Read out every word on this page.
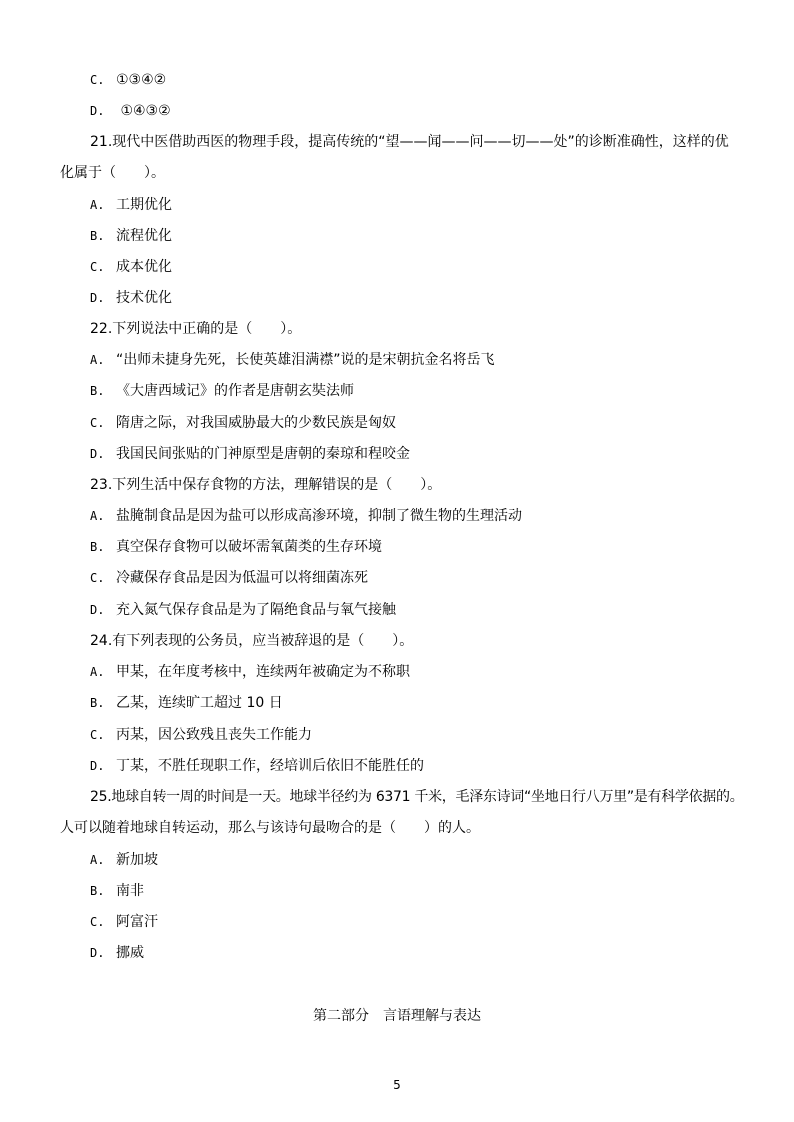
C. ①③④②
D. ①④③②
21.现代中医借助西医的物理手段，提高传统的“望——闻——问——切——处”的诊断准确性，这样的优
化属于（　　）。
A. 工期优化
B. 流程优化
C. 成本优化
D. 技术优化
22.下列说法中正确的是（　　）。
A. “出师未捷身先死，长使英雄泪满襟”说的是宋朝抗金名将岳飞
B. 《大唐西域记》的作者是唐朝玄奘法师
C. 隋唐之际，对我国威胁最大的少数民族是匈奴
D. 我国民间张贴的门神原型是唐朝的秦琼和程咬金
23.下列生活中保存食物的方法，理解错误的是（　　）。
A. 盐腌制食品是因为盐可以形成高渗环境，抑制了微生物的生理活动
B. 真空保存食物可以破坏需氧菌类的生存环境
C. 冷藏保存食品是因为低温可以将细菌冻死
D. 充入氮气保存食品是为了隔绝食品与氧气接触
24.有下列表现的公务员，应当被辞退的是（　　）。
A. 甲某，在年度考核中，连续两年被确定为不称职
B. 乙某，连续旷工超过 10 日
C. 丙某，因公致残且丧失工作能力
D. 丁某，不胜任现职工作，经培训后依旧不能胜任的
25.地球自转一周的时间是一天。地球半径约为 6371 千米，毛泽东诗词“坐地日行八万里”是有科学依据的。
人可以随着地球自转运动，那么与该诗句最吻合的是（　　）的人。
A. 新加坡
B. 南非
C. 阿富汗
D. 挪威
第二部分　言语理解与表达
5
